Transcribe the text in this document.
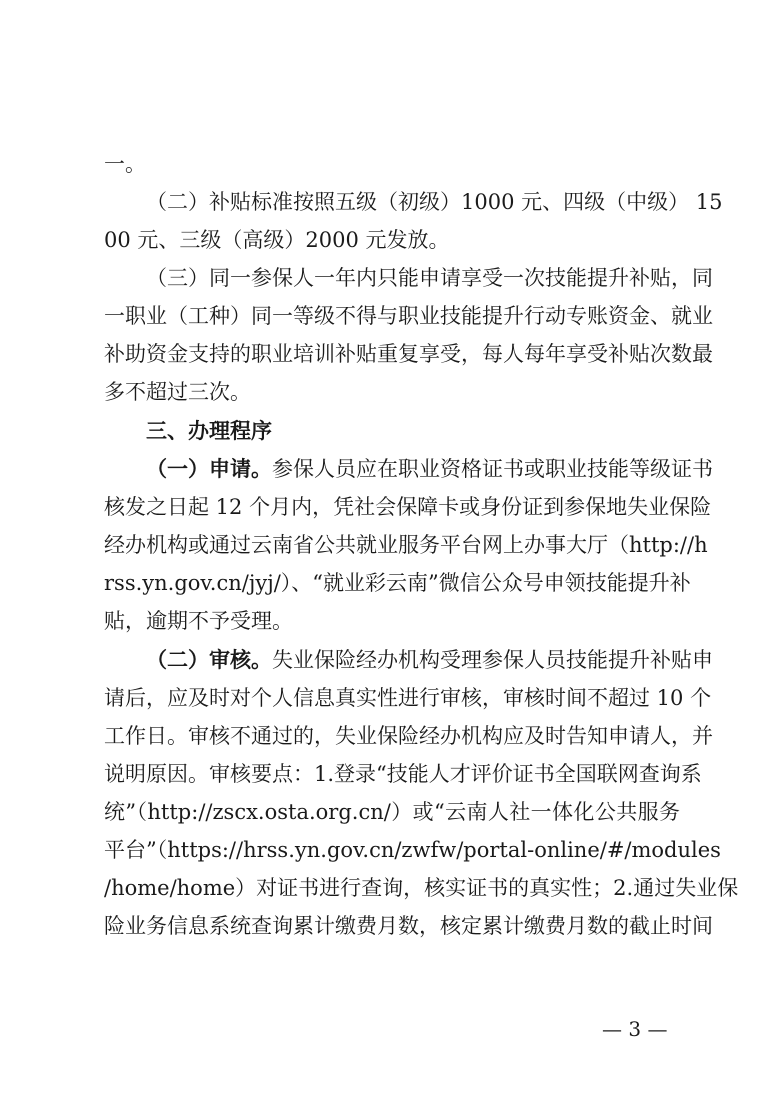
一。

（二）补贴标准按照五级（初级）1000 元、四级（中级） 15

00 元、三级（高级）2000 元发放。

（三）同一参保人一年内只能申请享受一次技能提升补贴，同

一职业（工种）同一等级不得与职业技能提升行动专账资金、就业

补助资金支持的职业培训补贴重复享受，每人每年享受补贴次数最

多不超过三次。

三、办理程序

（一）申请。参保人员应在职业资格证书或职业技能等级证书

核发之日起 12 个月内，凭社会保障卡或身份证到参保地失业保险

经办机构或通过云南省公共就业服务平台网上办事大厅（http://h

rss.yn.gov.cn/jyj/）、“就业彩云南”微信公众号申领技能提升补

贴，逾期不予受理。

（二）审核。失业保险经办机构受理参保人员技能提升补贴申

请后，应及时对个人信息真实性进行审核，审核时间不超过 10 个

工作日。审核不通过的，失业保险经办机构应及时告知申请人，并

说明原因。审核要点：1.登录“技能人才评价证书全国联网查询系

统”（http://zscx.osta.org.cn/）或“云南人社一体化公共服务

平台”（https://hrss.yn.gov.cn/zwfw/portal-online/#/modules

/home/home）对证书进行查询，核实证书的真实性；2.通过失业保

险业务信息系统查询累计缴费月数，核定累计缴费月数的截止时间

— 3 —
